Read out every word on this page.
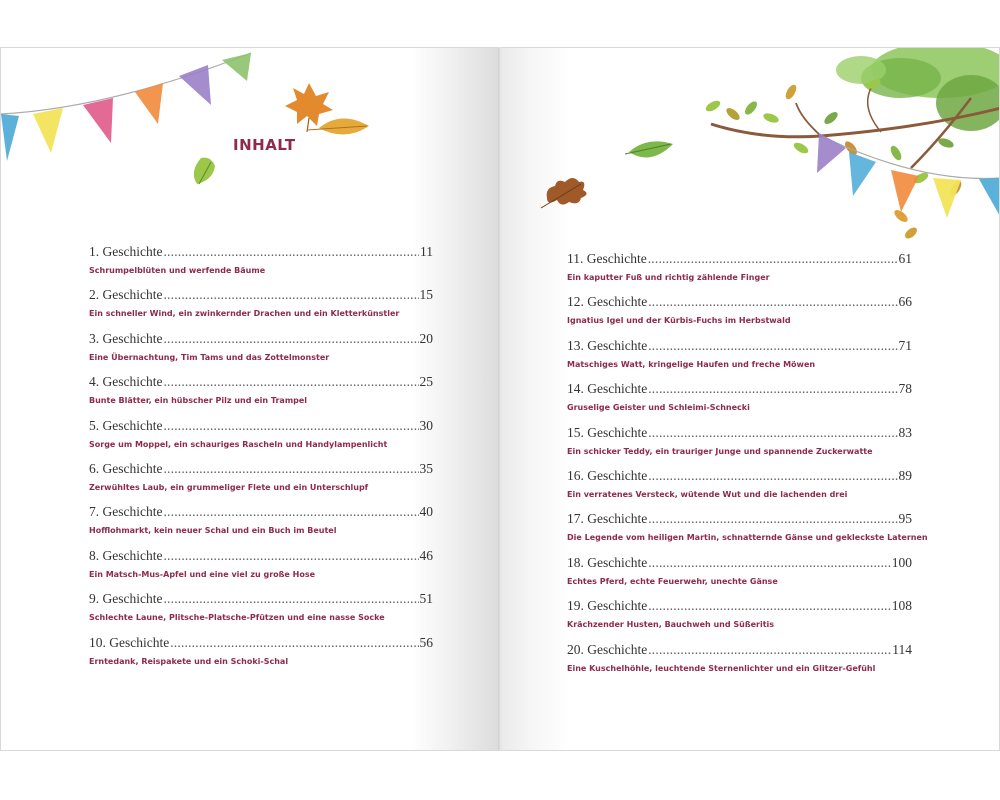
INHALT
1. Geschichte .....	11
Schrumpelblüten und werfende Bäume
2. Geschichte .....	15
Ein schneller Wind, ein zwinkernder Drachen und ein Kletterkünstler
3. Geschichte .....	20
Eine Übernachtung, Tim Tams und das Zottelmonster
4. Geschichte .....	25
Bunte Blätter, ein hübscher Pilz und ein Trampel
5. Geschichte .....	30
Sorge um Moppel, ein schauriges Rascheln und Handylampenlicht
6. Geschichte .....	35
Zerwühltes Laub, ein grummeliger Flete und ein Unterschlupf
7. Geschichte .....	40
Hofflohmarkt, kein neuer Schal und ein Buch im Beutel
8. Geschichte .....	46
Ein Matsch-Mus-Apfel und eine viel zu große Hose
9. Geschichte .....	51
Schlechte Laune, Plitsche-Platsche-Pfützen und eine nasse Socke
10. Geschichte .....	56
Erntedank, Reispakete und ein Schoki-Schal
11. Geschichte .....	61
Ein kaputter Fuß und richtig zählende Finger
12. Geschichte .....	66
Ignatius Igel und der Kürbis-Fuchs im Herbstwald
13. Geschichte .....	71
Matschiges Watt, kringelige Haufen und freche Möwen
14. Geschichte .....	78
Gruselige Geister und Schleimi-Schnecki
15. Geschichte .....	83
Ein schicker Teddy, ein trauriger Junge und spannende Zuckerwatte
16. Geschichte .....	89
Ein verratenes Versteck, wütende Wut und die lachenden drei
17. Geschichte .....	95
Die Legende vom heiligen Martin, schnatternde Gänse und gekleckste Laternen
18. Geschichte .....	100
Echtes Pferd, echte Feuerwehr, unechte Gänse
19. Geschichte .....	108
Krächzender Husten, Bauchweh und Süßeritis
20. Geschichte .....	114
Eine Kuschelhöhle, leuchtende Sternenlichter und ein Glitzer-Gefühl
